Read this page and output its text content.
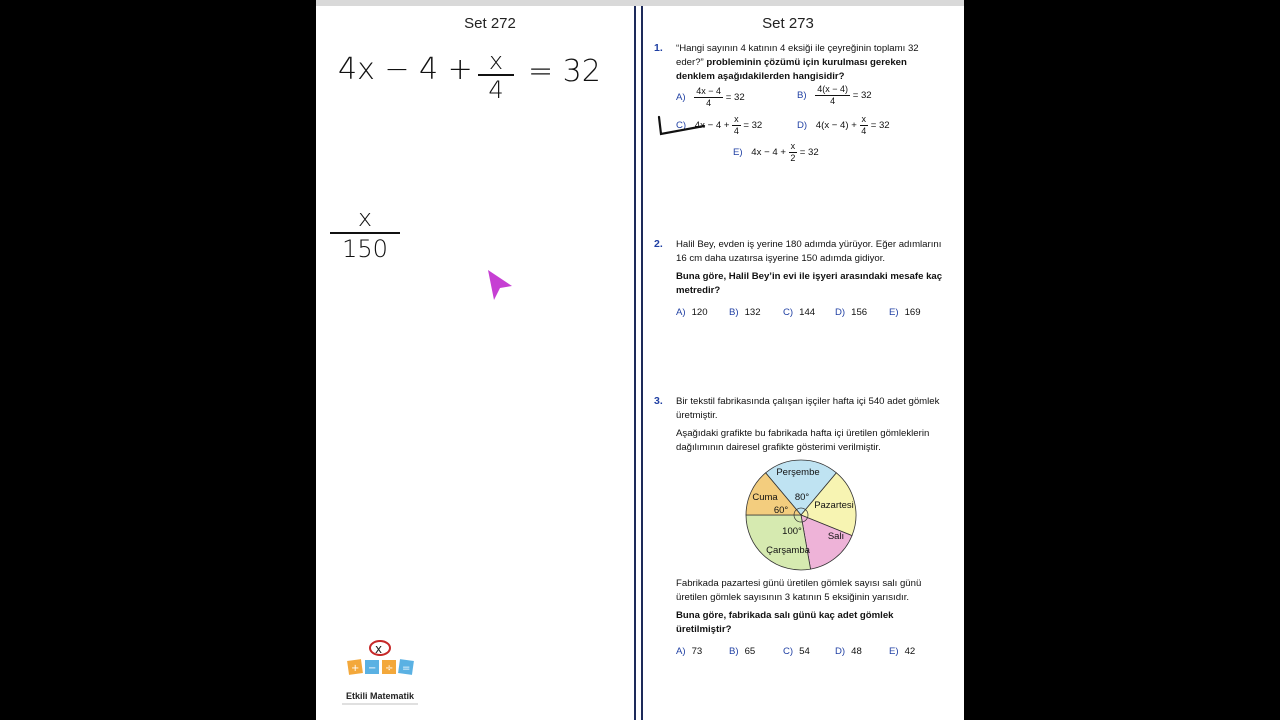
Set 272
4x − 4 + x
4
= 32
x
150
x
+ − ÷ =
Etkili Matematik
Set 273
1. “Hangi sayının 4 katının 4 eksiği ile çeyreğinin toplamı 32 eder?” probleminin çözümü için kurulması gereken denklem aşağıdakilerden hangisidir?
$A) \frac{4x - 4}{4} = 32$	$B) \frac{4(x - 4)}{4} = 32$
C) $4x - 4 + \frac{x}{4} = 32$	D) $4(x - 4) + \frac{x}{4} = 32$
E) $4x - 4 + \frac{x}{2} = 32$
2. Halil Bey, evden iş yerine 180 adımda yürüyor. Eğer adımlarını 16 cm daha uzatırsa işyerine 150 adımda gidiyor.
Buna göre, Halil Bey’in evi ile işyeri arasındaki mesafe kaç metredir?
A) 120 B) 132 C) 144 D) 156 E) 169
3. Bir tekstil fabrikasında çalışan işçiler hafta içi 540 adet gömlek üretmiştir.
Aşağıdaki grafikte bu fabrikada hafta içi üretilen gömleklerin dağılımının dairesel grafikte gösterimi verilmiştir.
Perşembe
80°
Pazartesi
Salı
100°
Çarşamba
Cuma
60°
Fabrikada pazartesi günü üretilen gömlek sayısı salı günü üretilen gömlek sayısının 3 katının 5 eksiğinin yarısıdır.
Buna göre, fabrikada salı günü kaç adet gömlek üretilmiştir?
A) 73	B) 65	C) 54	D) 48	E) 42
